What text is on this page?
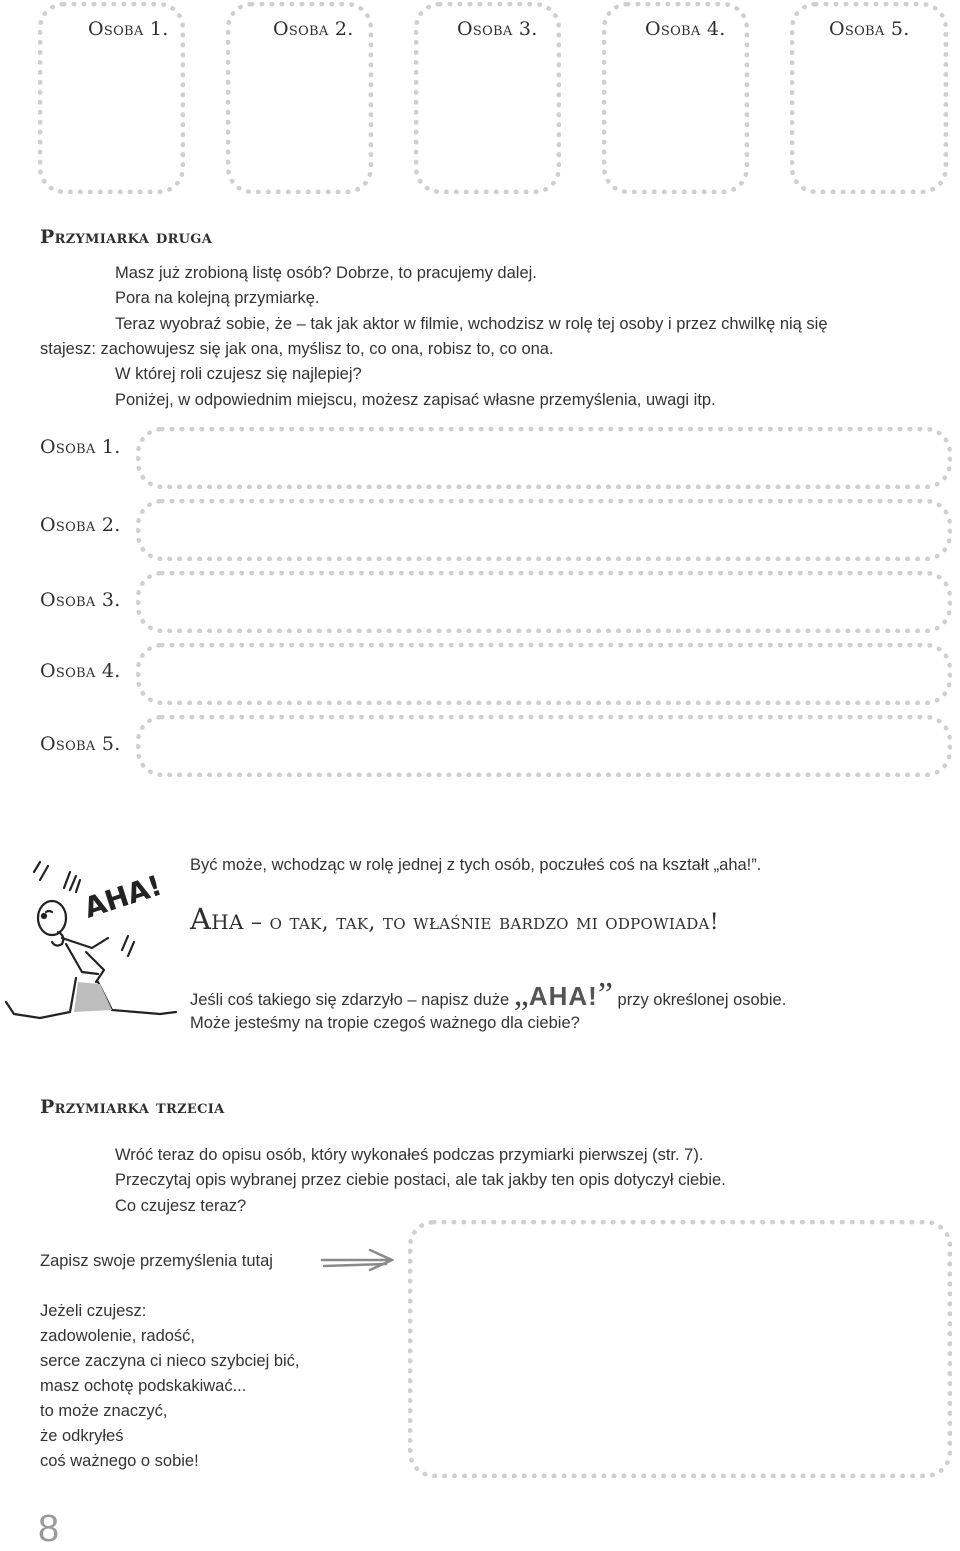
Osoba 1.	Osoba 2.	Osoba 3.	Osoba 4.	Osoba 5.
Przymiarka druga

Masz już zrobioną listę osób? Dobrze, to pracujemy dalej.

Pora na kolejną przymiarkę.

Teraz wyobraź sobie, że – tak jak aktor w filmie, wchodzisz w rolę tej osoby i przez chwilkę nią się

stajesz: zachowujesz się jak ona, myślisz to, co ona, robisz to, co ona.

W której roli czujesz się najlepiej?

Poniżej, w odpowiednim miejscu, możesz zapisać własne przemyślenia, uwagi itp.

Osoba 1.
Osoba 2.
Osoba 3.
Osoba 4.
Osoba 5.
AHA!

Być może, wchodząc w rolę jednej z tych osób, poczułeś coś na kształt „aha!”.

Aha – o tak, tak, to właśnie bardzo mi odpowiada!

Jeśli coś takiego się zdarzyło – napisz duże „AHA!” przy określonej osobie.

Może jesteśmy na tropie czegoś ważnego dla ciebie?

Przymiarka trzecia

Wróć teraz do opisu osób, który wykonałeś podczas przymiarki pierwszej (str. 7).

Przeczytaj opis wybranej przez ciebie postaci, ale tak jakby ten opis dotyczył ciebie.

Co czujesz teraz?

Zapisz swoje przemyślenia tutaj

Jeżeli czujesz:

zadowolenie, radość,

serce zaczyna ci nieco szybciej bić,

masz ochotę podskakiwać...

to może znaczyć,

że odkryłeś

coś ważnego o sobie!

8
